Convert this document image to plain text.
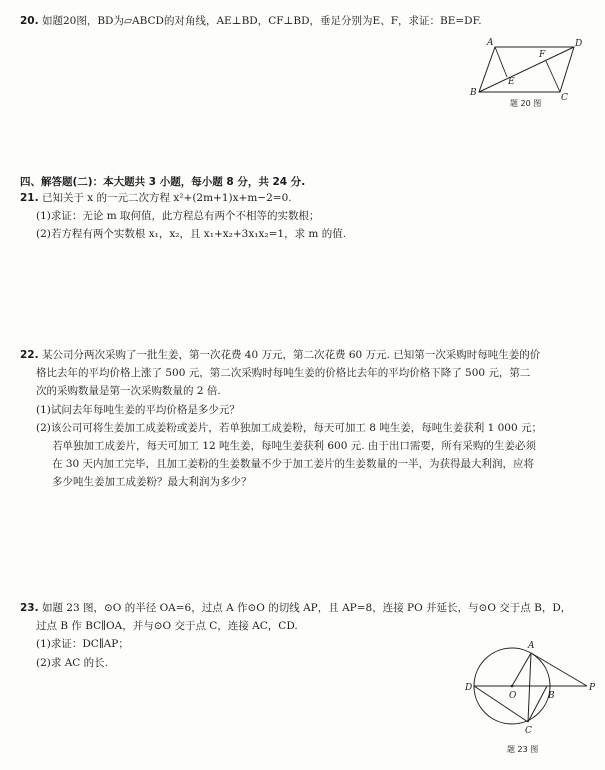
20. 如题20图，BD为▱ABCD的对角线，AE⊥BD，CF⊥BD，垂足分别为E、F，求证：BE=DF.
A	D
B	C
E
F
题 20 图
四、解答题(二)：本大题共 3 小题，每小题 8 分，共 24 分.
21. 已知关于 x 的一元二次方程 x²+(2m+1)x+m−2=0.
(1)求证：无论 m 取何值，此方程总有两个不相等的实数根；
(2)若方程有两个实数根 x₁，x₂，且 x₁+x₂+3x₁x₂=1，求 m 的值.
22. 某公司分两次采购了一批生姜，第一次花费 40 万元，第二次花费 60 万元. 已知第一次采购时每吨生姜的价
格比去年的平均价格上涨了 500 元，第二次采购时每吨生姜的价格比去年的平均价格下降了 500 元，第二
次的采购数量是第一次采购数量的 2 倍.
(1)试问去年每吨生姜的平均价格是多少元？
(2)该公司可将生姜加工成姜粉或姜片，若单独加工成姜粉，每天可加工 8 吨生姜，每吨生姜获利 1 000 元；
若单独加工成姜片，每天可加工 12 吨生姜，每吨生姜获利 600 元. 由于出口需要，所有采购的生姜必须
在 30 天内加工完毕，且加工姜粉的生姜数量不少于加工姜片的生姜数量的一半，为获得最大利润，应将
多少吨生姜加工成姜粉？最大利润为多少？
23. 如题 23 图，⊙O 的半径 OA=6，过点 A 作⊙O 的切线 AP，且 AP=8，连接 PO 并延长，与⊙O 交于点 B，D，
过点 B 作 BC∥OA，并与⊙O 交于点 C，连接 AC，CD.
(1)求证：DC∥AP；
(2)求 AC 的长.
A
D
O	B
P
C
题 23 图
